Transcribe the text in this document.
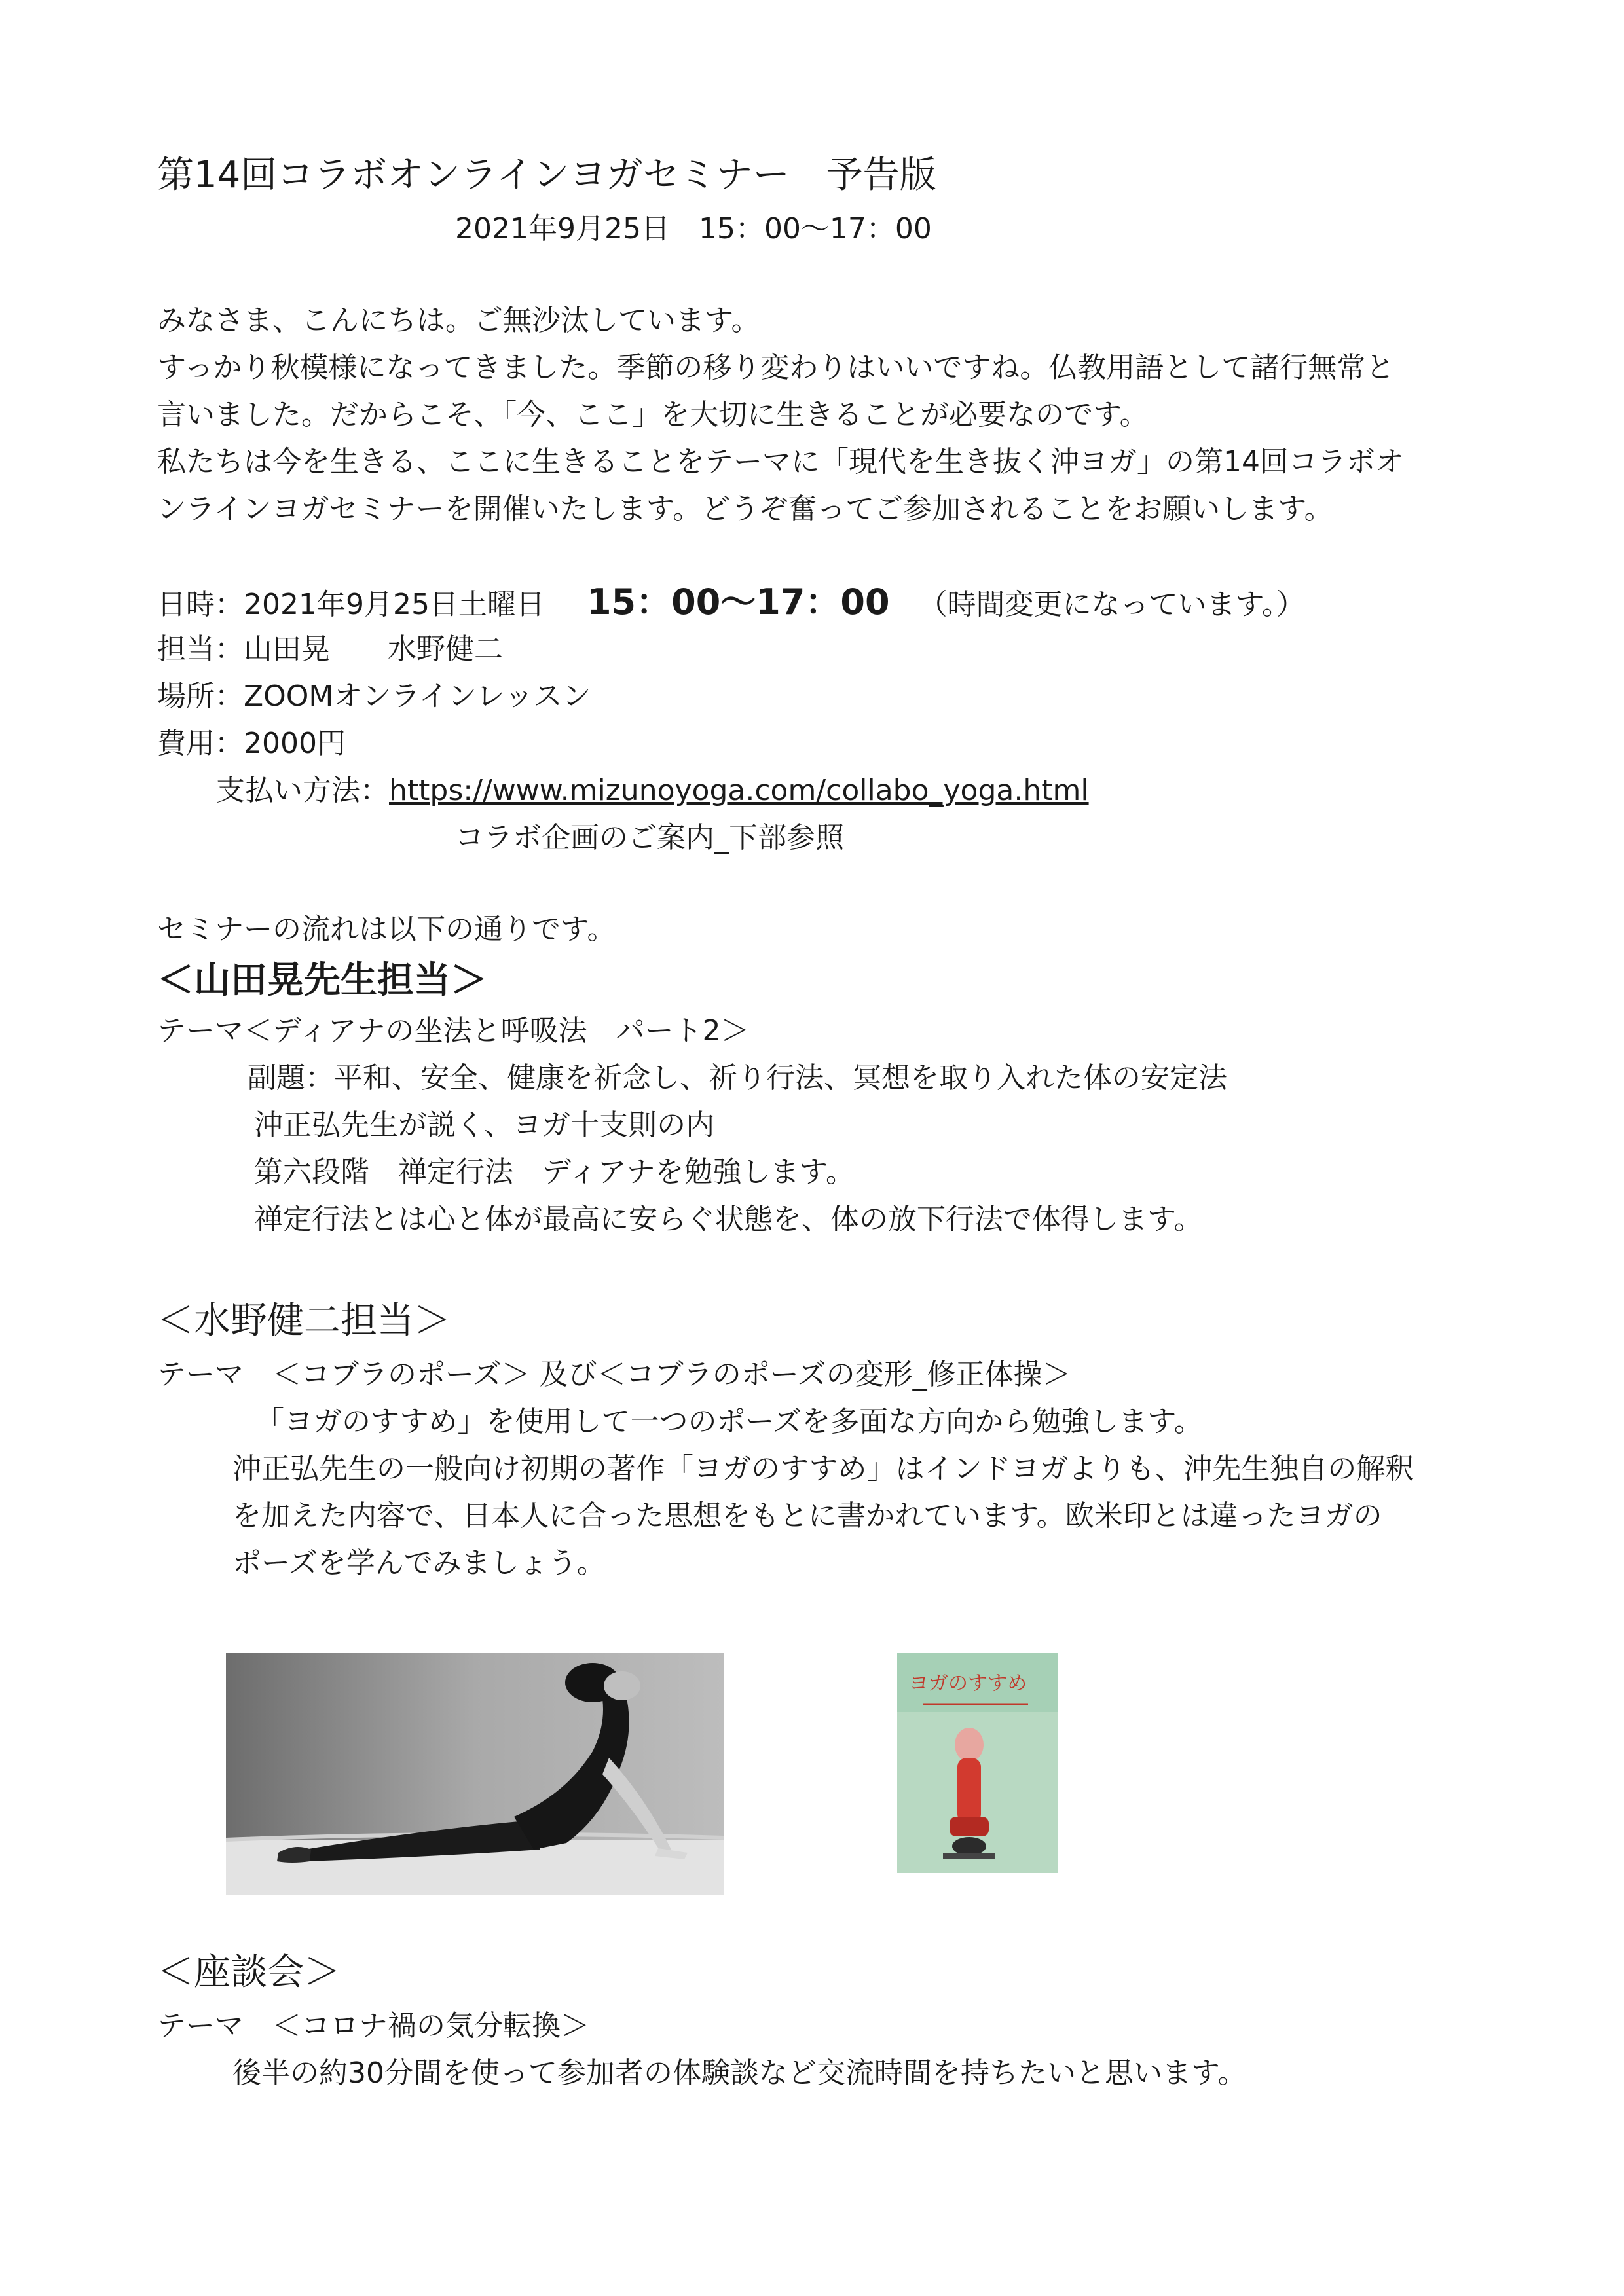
第14回コラボオンラインヨガセミナー　予告版
2021年9月25日　15：00〜17：00
みなさま、こんにちは。ご無沙汰しています。
すっかり秋模様になってきました。季節の移り変わりはいいですね。仏教用語として諸行無常と
言いました。だからこそ、「今、ここ」を大切に生きることが必要なのです。
私たちは今を生きる、ここに生きることをテーマに「現代を生き抜く沖ヨガ」の第14回コラボオ
ンラインヨガセミナーを開催いたします。どうぞ奮ってご参加されることをお願いします。
日時：2021年9月25日土曜日 15：00〜17：00 （時間変更になっています。）
担当：山田晃　　水野健二
場所：ZOOMオンラインレッスン
費用：2000円
支払い方法：https://www.mizunoyoga.com/collabo_yoga.html
コラボ企画のご案内_下部参照
セミナーの流れは以下の通りです。
＜山田晃先生担当＞
テーマ＜ディアナの坐法と呼吸法　パート2＞
副題：平和、安全、健康を祈念し、祈り行法、冥想を取り入れた体の安定法
沖正弘先生が説く、ヨガ十支則の内
第六段階　禅定行法　ディアナを勉強します。
禅定行法とは心と体が最高に安らぐ状態を、体の放下行法で体得します。
＜水野健二担当＞
テーマ　＜コブラのポーズ＞ 及び＜コブラのポーズの変形_修正体操＞
「ヨガのすすめ」を使用して一つのポーズを多面な方向から勉強します。
沖正弘先生の一般向け初期の著作「ヨガのすすめ」はインドヨガよりも、沖先生独自の解釈
を加えた内容で、日本人に合った思想をもとに書かれています。欧米印とは違ったヨガの
ポーズを学んでみましょう。
ヨガのすすめ
＜座談会＞
テーマ　＜コロナ禍の気分転換＞
後半の約30分間を使って参加者の体験談など交流時間を持ちたいと思います。
